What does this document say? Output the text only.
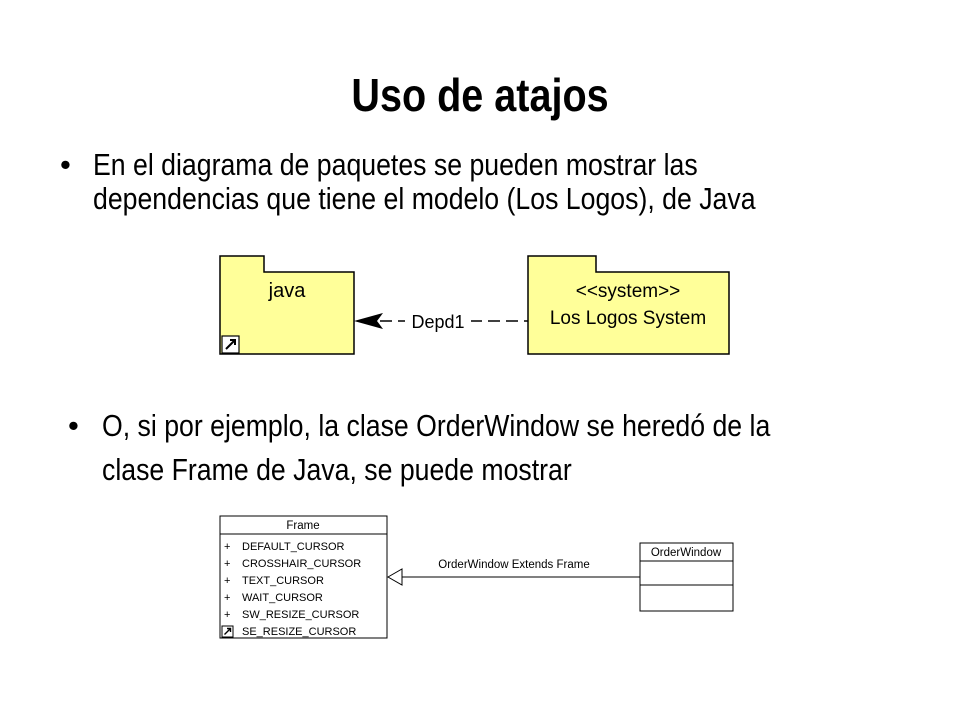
Uso de atajos
• En el diagrama de paquetes se pueden mostrar las
dependencias que tiene el modelo (Los Logos), de Java
• O, si por ejemplo, la clase OrderWindow se heredó de la
clase Frame de Java, se puede mostrar
java	<<system>>
Los Logos System
Depd1
Frame
+ DEFAULT_CURSOR
+ CROSSHAIR_CURSOR
+ TEXT_CURSOR
+ WAIT_CURSOR
+ SW_RESIZE_CURSOR
SE_RESIZE_CURSOR
OrderWindow Extends Frame
OrderWindow
